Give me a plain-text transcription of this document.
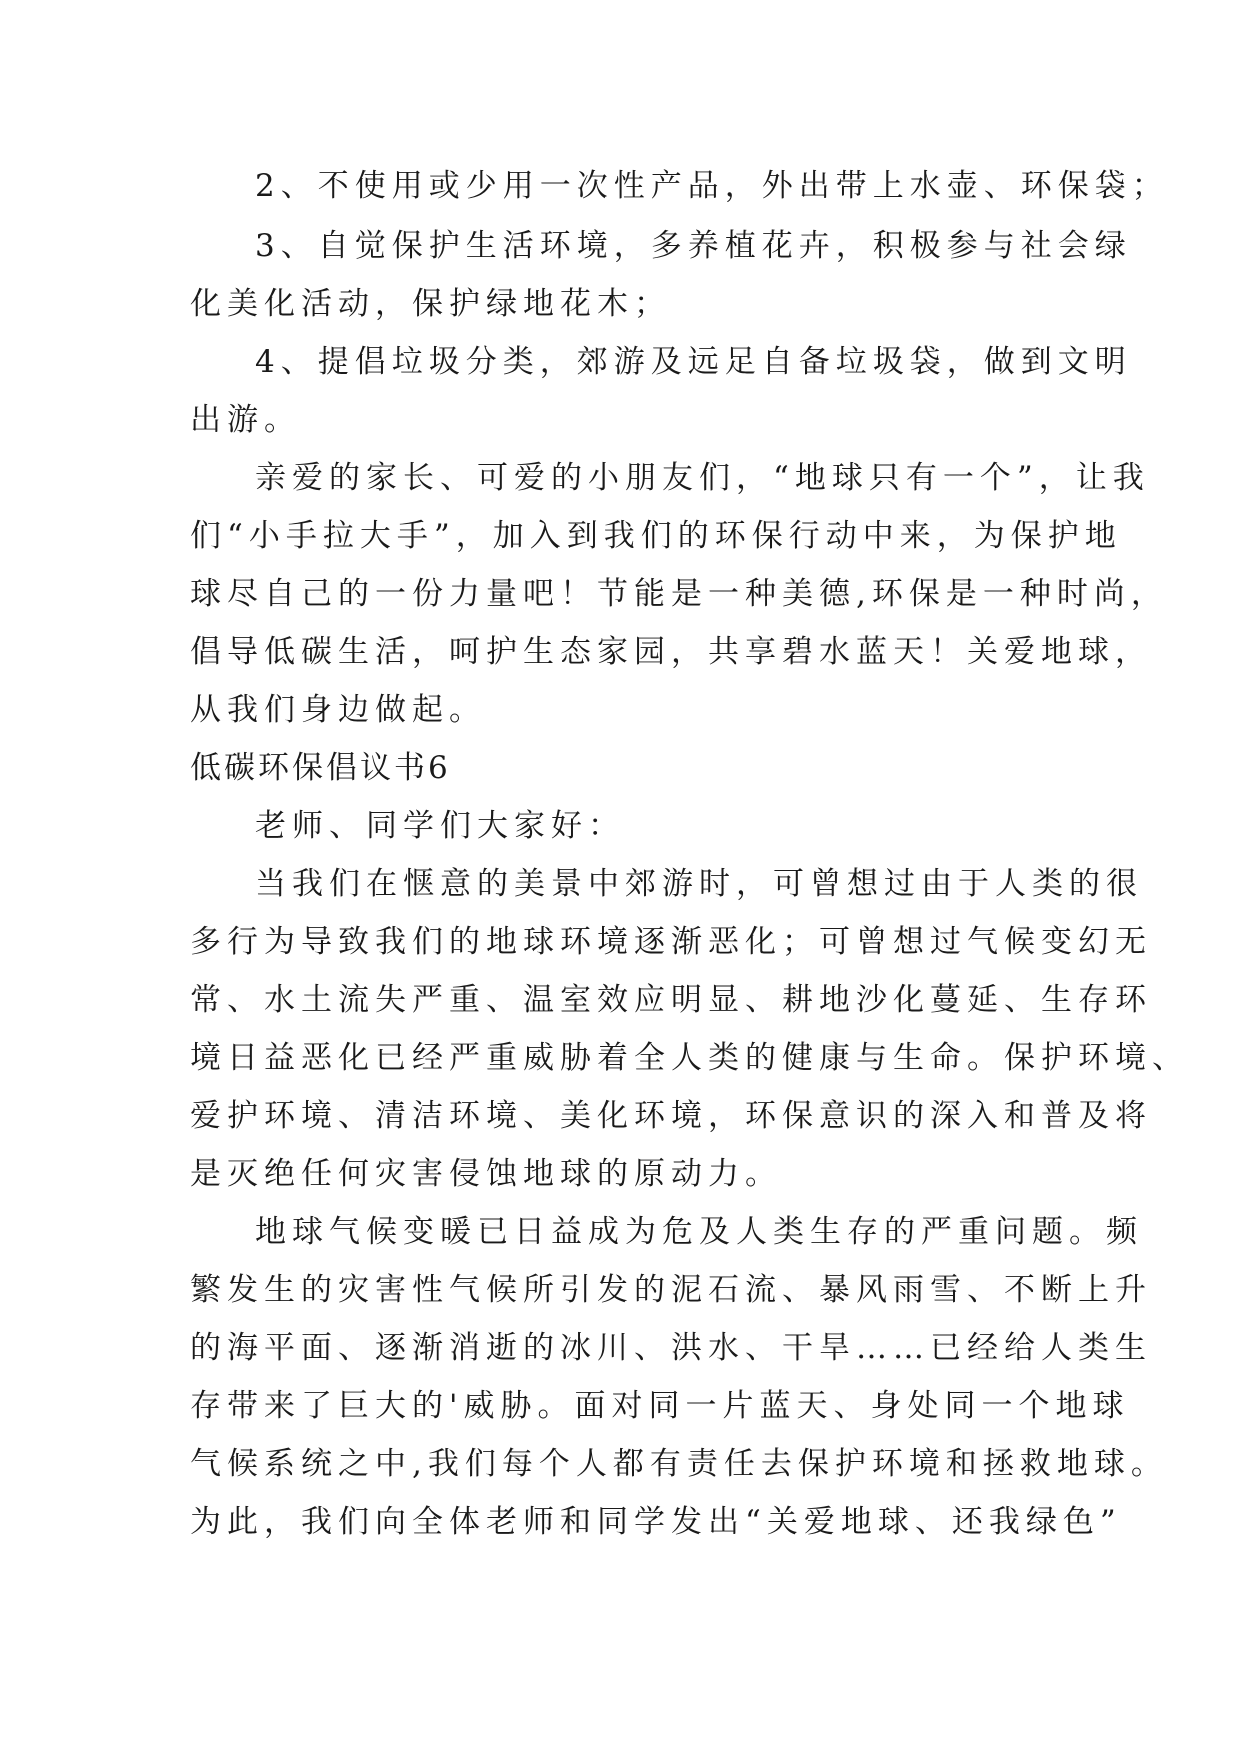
2、不使用或少用一次性产品，外出带上水壶、环保袋；
3、自觉保护生活环境，多养植花卉，积极参与社会绿
化美化活动，保护绿地花木；
4、提倡垃圾分类，郊游及远足自备垃圾袋，做到文明
出游。
亲爱的家长、可爱的小朋友们，“地球只有一个”，让我
们“小手拉大手”，加入到我们的环保行动中来，为保护地
球尽自己的一份力量吧！节能是一种美德,环保是一种时尚，
倡导低碳生活，呵护生态家园，共享碧水蓝天！关爱地球，
从我们身边做起。
低碳环保倡议书6
老师、同学们大家好：
当我们在惬意的美景中郊游时，可曾想过由于人类的很
多行为导致我们的地球环境逐渐恶化；可曾想过气候变幻无
常、水土流失严重、温室效应明显、耕地沙化蔓延、生存环
境日益恶化已经严重威胁着全人类的健康与生命。保护环境、
爱护环境、清洁环境、美化环境，环保意识的深入和普及将
是灭绝任何灾害侵蚀地球的原动力。
地球气候变暖已日益成为危及人类生存的严重问题。频
繁发生的灾害性气候所引发的泥石流、暴风雨雪、不断上升
的海平面、逐渐消逝的冰川、洪水、干旱……已经给人类生
存带来了巨大的'威胁。面对同一片蓝天、身处同一个地球
气候系统之中,我们每个人都有责任去保护环境和拯救地球。
为此，我们向全体老师和同学发出“关爱地球、还我绿色”
